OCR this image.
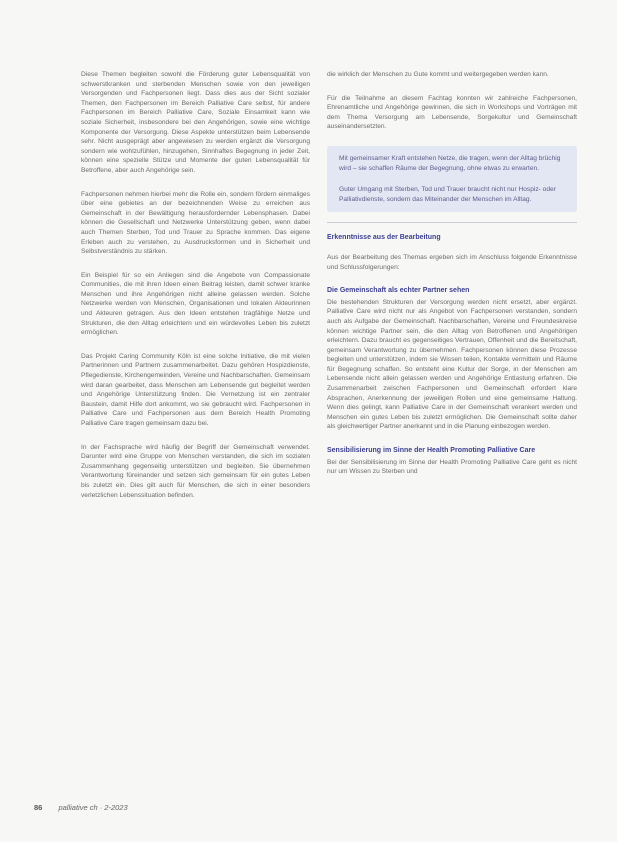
Diese Themen begleiten sowohl die Förderung guter Lebensqualität von schwerstkranken und sterbenden Menschen sowie von den jeweiligen Versorgenden und Fachpersonen liegt. Dass dies aus der Sicht sozialer Themen, den Fachpersonen im Bereich Palliative Care selbst, für andere Fachpersonen im Bereich Palliative Care, Soziale Einsamkeit kann wie soziale Sicherheit, insbesondere bei den Angehörigen, sowie eine wichtige Komponente der Versorgung. Diese Aspekte unterstützen beim Lebensende sehr. Nicht ausgeprägt aber angewiesen zu werden ergänzt die Versorgung sondern wie wohlzufühlen, hinzugehen, Sinnhaftes Begegnung in jeder Zeit, können eine spezielle Stütze und Momente der guten Lebensqualität für Betroffene, aber auch Angehörige sein.

Fachpersonen nehmen hierbei mehr die Rolle ein, sondern fördern einmaliges über eine gebietes an der bezeichnenden Weise zu erreichen aus Gemeinschaft in der Bewältigung herausfordernder Lebensphasen. Dabei können die Gesellschaft und Netzwerke Unterstützung geben, wenn dabei auch Themen Sterben, Tod und Trauer zu Sprache kommen. Das eigene Erleben auch zu verstehen, zu Ausdrucksformen und in Sicherheit und Selbstverständnis zu stärken.

Ein Beispiel für so ein Anliegen sind die Angebote von Compassionate Communities, die mit ihren Ideen einen Beitrag leisten, damit schwer kranke Menschen und ihre Angehörigen nicht alleine gelassen werden. Solche Netzwerke werden von Menschen, Organisationen und lokalen Akteurinnen und Akteuren getragen. Aus den Ideen entstehen tragfähige Netze und Strukturen, die den Alltag erleichtern und ein würdevolles Leben bis zuletzt ermöglichen.

Das Projekt Caring Community Köln ist eine solche Initiative, die mit vielen Partnerinnen und Partnern zusammenarbeitet. Dazu gehören Hospizdienste, Pflegedienste, Kirchengemeinden, Vereine und Nachbarschaften. Gemeinsam wird daran gearbeitet, dass Menschen am Lebensende gut begleitet werden und Angehörige Unterstützung finden. Die Vernetzung ist ein zentraler Baustein, damit Hilfe dort ankommt, wo sie gebraucht wird. Fachpersonen in Palliative Care und Fachpersonen aus dem Bereich Health Promoting Palliative Care tragen gemeinsam dazu bei.

In der Fachsprache wird häufig der Begriff der Gemeinschaft verwendet. Darunter wird eine Gruppe von Menschen verstanden, die sich im sozialen Zusammenhang gegenseitig unterstützen und begleiten. Sie übernehmen Verantwortung füreinander und setzen sich gemeinsam für ein gutes Leben bis zuletzt ein. Dies gilt auch für Menschen, die sich in einer besonders verletzlichen Lebenssituation befinden.

die wirklich der Menschen zu Gute kommt und weitergegeben werden kann.

Für die Teilnahme an diesem Fachtag konnten wir zahlreiche Fachpersonen, Ehrenamtliche und Angehörige gewinnen, die sich in Workshops und Vorträgen mit dem Thema Versorgung am Lebensende, Sorgekultur und Gemeinschaft auseinandersetzten.

Mit gemeinsamer Kraft entstehen Netze, die tragen, wenn der Alltag brüchig wird – sie schaffen Räume der Begegnung, ohne etwas zu erwarten.

Guter Umgang mit Sterben, Tod und Trauer braucht nicht nur Hospiz- oder Palliativdienste, sondern das Miteinander der Menschen im Alltag.

Erkenntnisse aus der Bearbeitung

Aus der Bearbeitung des Themas ergeben sich im Anschluss folgende Erkenntnisse und Schlussfolgerungen:

Die Gemeinschaft als echter Partner sehen

Die bestehenden Strukturen der Versorgung werden nicht ersetzt, aber ergänzt. Palliative Care wird nicht nur als Angebot von Fachpersonen verstanden, sondern auch als Aufgabe der Gemeinschaft. Nachbarschaften, Vereine und Freundeskreise können wichtige Partner sein, die den Alltag von Betroffenen und Angehörigen erleichtern. Dazu braucht es gegenseitiges Vertrauen, Offenheit und die Bereitschaft, gemeinsam Verantwortung zu übernehmen. Fachpersonen können diese Prozesse begleiten und unterstützen, indem sie Wissen teilen, Kontakte vermitteln und Räume für Begegnung schaffen. So entsteht eine Kultur der Sorge, in der Menschen am Lebensende nicht allein gelassen werden und Angehörige Entlastung erfahren. Die Zusammenarbeit zwischen Fachpersonen und Gemeinschaft erfordert klare Absprachen, Anerkennung der jeweiligen Rollen und eine gemeinsame Haltung. Wenn dies gelingt, kann Palliative Care in der Gemeinschaft verankert werden und Menschen ein gutes Leben bis zuletzt ermöglichen. Die Gemeinschaft sollte daher als gleichwertiger Partner anerkannt und in die Planung einbezogen werden.

Sensibilisierung im Sinne der Health Promoting Palliative Care

Bei der Sensibilisierung im Sinne der Health Promoting Palliative Care geht es nicht nur um Wissen zu Sterben und

86 palliative ch · 2-2023
